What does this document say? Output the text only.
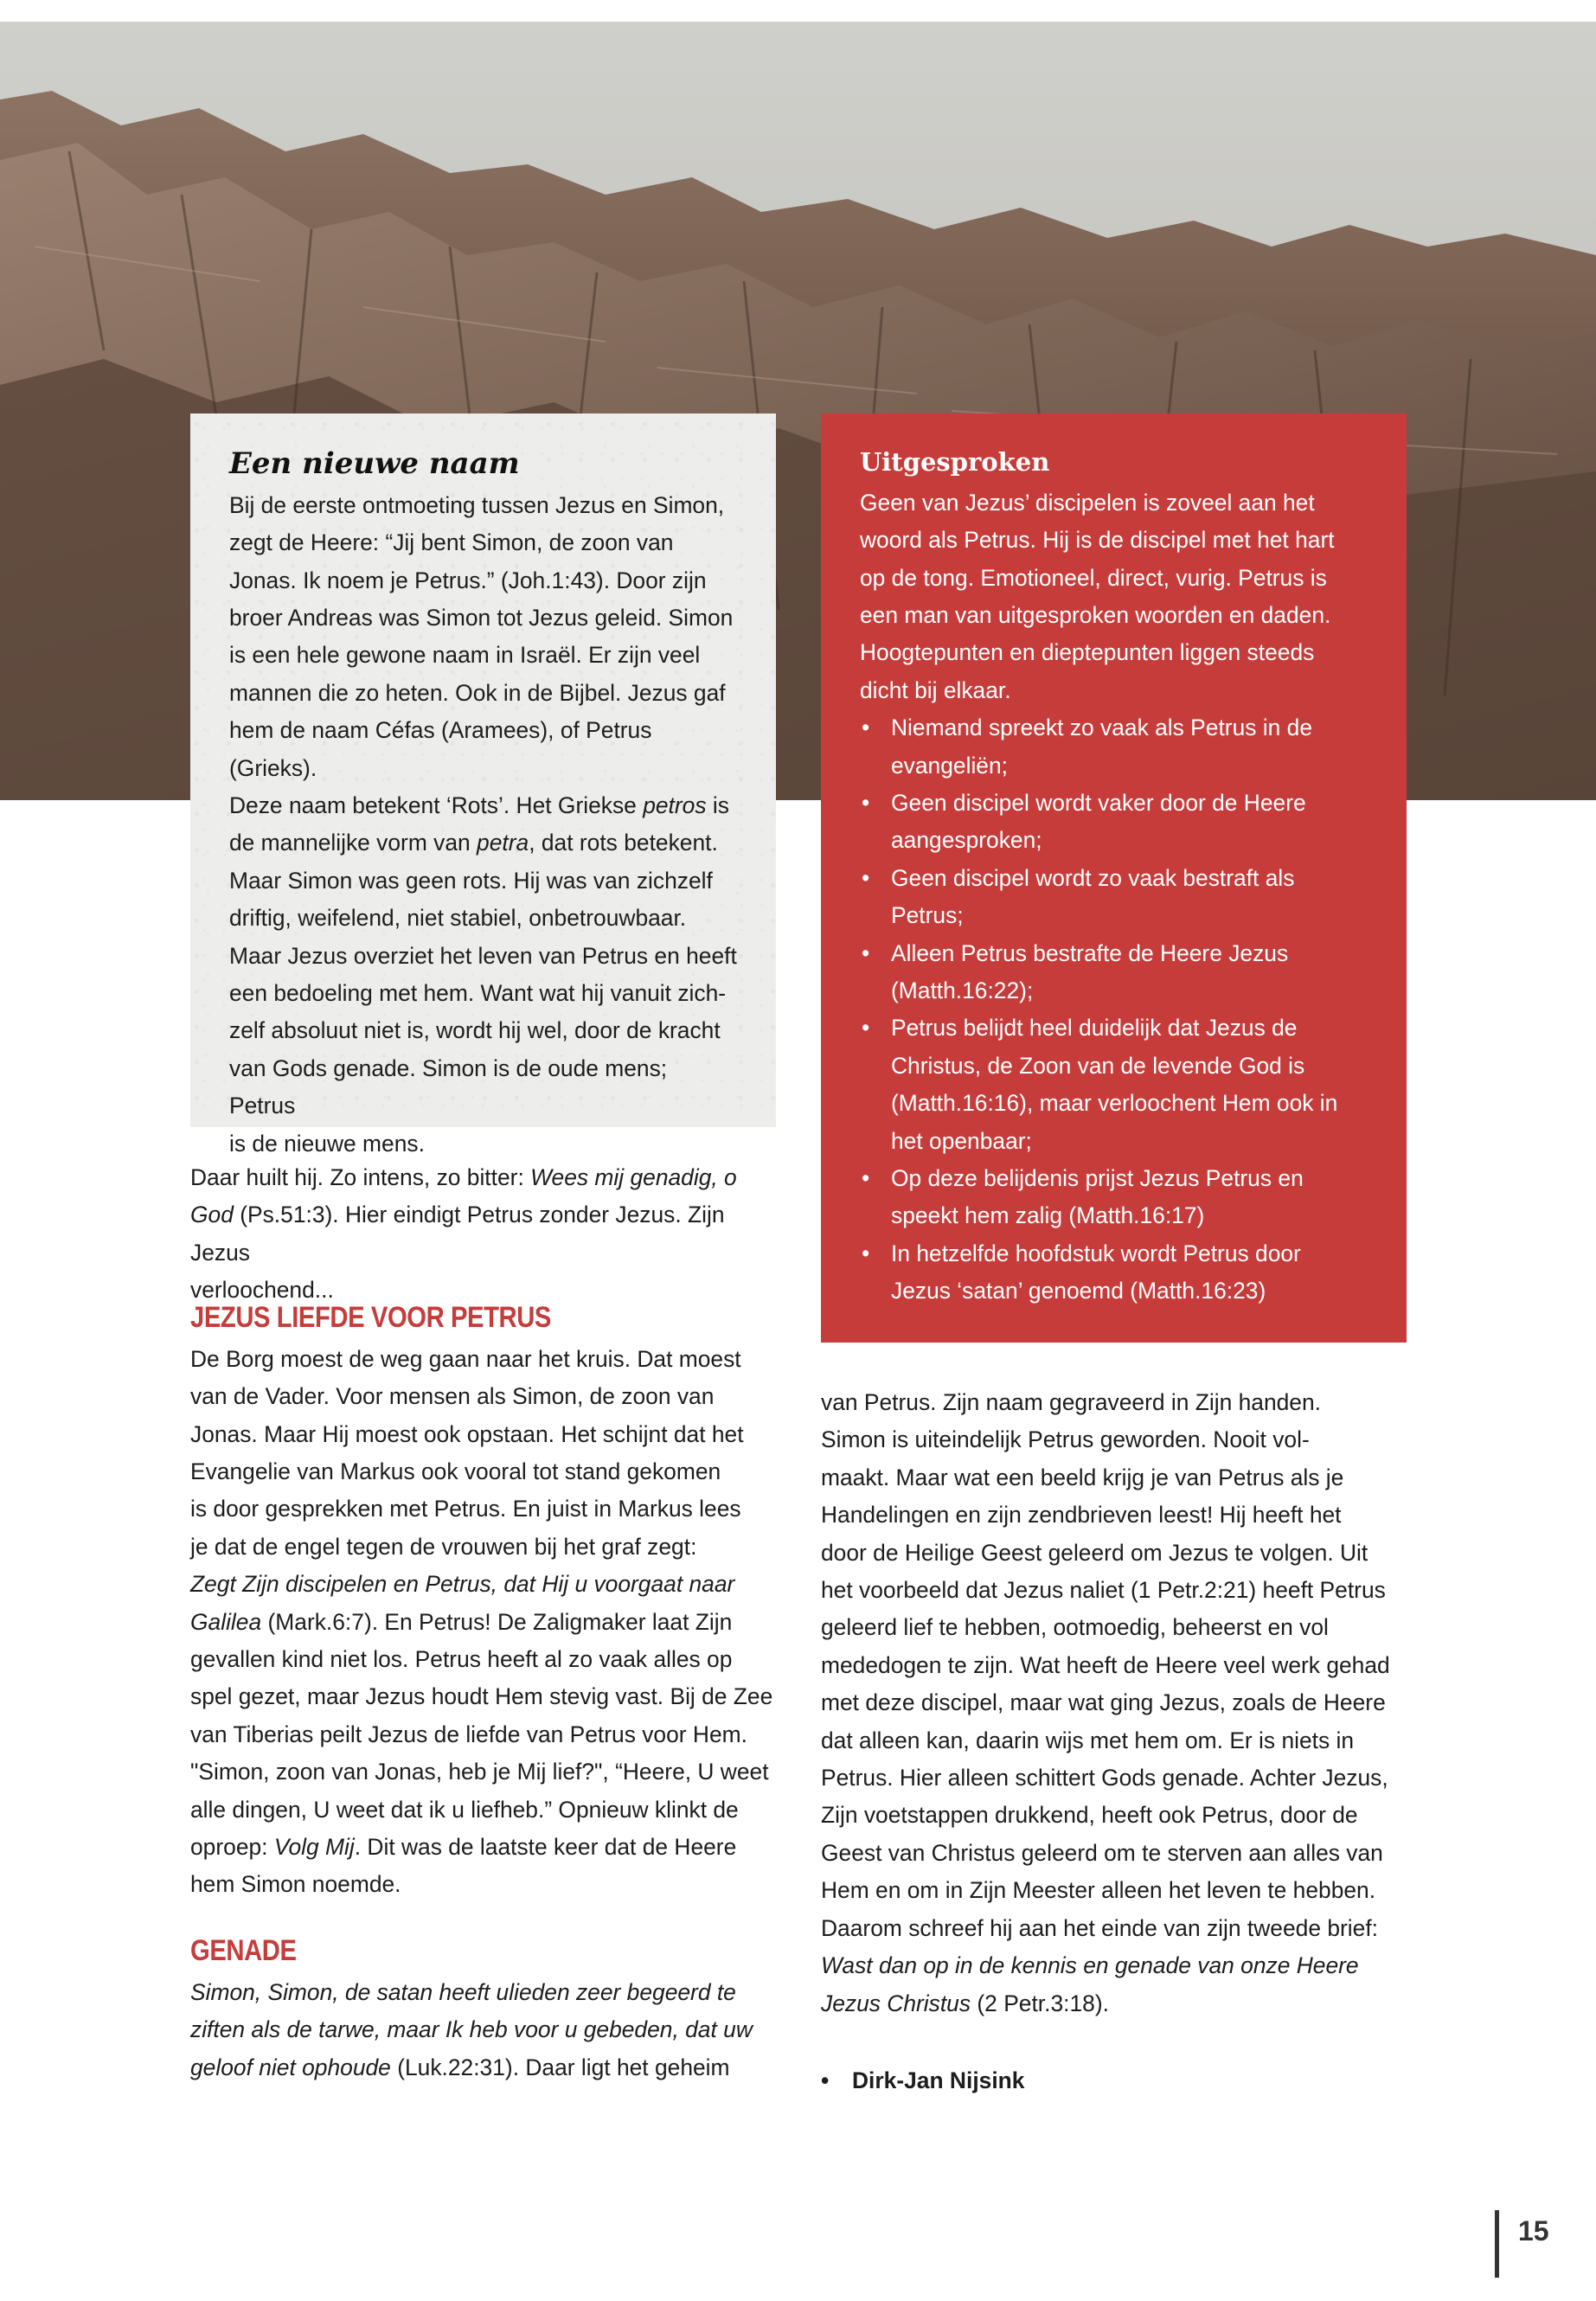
Een nieuwe naam

Bij de eerste ontmoeting tussen Jezus en Simon,
zegt de Heere: “Jij bent Simon, de zoon van
Jonas. Ik noem je Petrus.” (Joh.1:43). Door zijn
broer Andreas was Simon tot Jezus geleid. Simon
is een hele gewone naam in Israël. Er zijn veel
mannen die zo heten. Ook in de Bijbel. Jezus gaf
hem de naam Céfas (Aramees), of Petrus (Grieks).
Deze naam betekent ‘Rots’. Het Griekse petros is
de mannelijke vorm van petra, dat rots betekent.
Maar Simon was geen rots. Hij was van zichzelf
driftig, weifelend, niet stabiel, onbetrouwbaar.
Maar Jezus overziet het leven van Petrus en heeft
een bedoeling met hem. Want wat hij vanuit zich-
zelf absoluut niet is, wordt hij wel, door de kracht
van Gods genade. Simon is de oude mens; Petrus
is de nieuwe mens.

Uitgesproken

Geen van Jezus’ discipelen is zoveel aan het
woord als Petrus. Hij is de discipel met het hart
op de tong. Emotioneel, direct, vurig. Petrus is
een man van uitgesproken woorden en daden.
Hoogtepunten en dieptepunten liggen steeds
dicht bij elkaar.

• Niemand spreekt zo vaak als Petrus in de
evangeliën;
• Geen discipel wordt vaker door de Heere
aangesproken;
• Geen discipel wordt zo vaak bestraft als
Petrus;
• Alleen Petrus bestrafte de Heere Jezus
(Matth.16:22);
• Petrus belijdt heel duidelijk dat Jezus de
Christus, de Zoon van de levende God is
(Matth.16:16), maar verloochent Hem ook in
het openbaar;
• Op deze belijdenis prijst Jezus Petrus en
speekt hem zalig (Matth.16:17)
• In hetzelfde hoofdstuk wordt Petrus door
Jezus ‘satan’ genoemd (Matth.16:23)

Daar huilt hij. Zo intens, zo bitter: Wees mij genadig, o
God (Ps.51:3). Hier eindigt Petrus zonder Jezus. Zijn Jezus
verloochend...

JEZUS LIEFDE VOOR PETRUS

De Borg moest de weg gaan naar het kruis. Dat moest
van de Vader. Voor mensen als Simon, de zoon van
Jonas. Maar Hij moest ook opstaan. Het schijnt dat het
Evangelie van Markus ook vooral tot stand gekomen
is door gesprekken met Petrus. En juist in Markus lees
je dat de engel tegen de vrouwen bij het graf zegt:
Zegt Zijn discipelen en Petrus, dat Hij u voorgaat naar
Galilea (Mark.6:7). En Petrus! De Zaligmaker laat Zijn
gevallen kind niet los. Petrus heeft al zo vaak alles op
spel gezet, maar Jezus houdt Hem stevig vast. Bij de Zee
van Tiberias peilt Jezus de liefde van Petrus voor Hem.
"Simon, zoon van Jonas, heb je Mij lief?", “Heere, U weet
alle dingen, U weet dat ik u liefheb.” Opnieuw klinkt de
oproep: Volg Mij. Dit was de laatste keer dat de Heere
hem Simon noemde.

GENADE

Simon, Simon, de satan heeft ulieden zeer begeerd te
ziften als de tarwe, maar Ik heb voor u gebeden, dat uw
geloof niet ophoude (Luk.22:31). Daar ligt het geheim

van Petrus. Zijn naam gegraveerd in Zijn handen.
Simon is uiteindelijk Petrus geworden. Nooit vol-
maakt. Maar wat een beeld krijg je van Petrus als je
Handelingen en zijn zendbrieven leest! Hij heeft het
door de Heilige Geest geleerd om Jezus te volgen. Uit
het voorbeeld dat Jezus naliet (1 Petr.2:21) heeft Petrus
geleerd lief te hebben, ootmoedig, beheerst en vol
mededogen te zijn. Wat heeft de Heere veel werk gehad
met deze discipel, maar wat ging Jezus, zoals de Heere
dat alleen kan, daarin wijs met hem om. Er is niets in
Petrus. Hier alleen schittert Gods genade. Achter Jezus,
Zijn voetstappen drukkend, heeft ook Petrus, door de
Geest van Christus geleerd om te sterven aan alles van
Hem en om in Zijn Meester alleen het leven te hebben.
Daarom schreef hij aan het einde van zijn tweede brief:
Wast dan op in de kennis en genade van onze Heere
Jezus Christus (2 Petr.3:18).

• Dirk-Jan Nijsink
15
